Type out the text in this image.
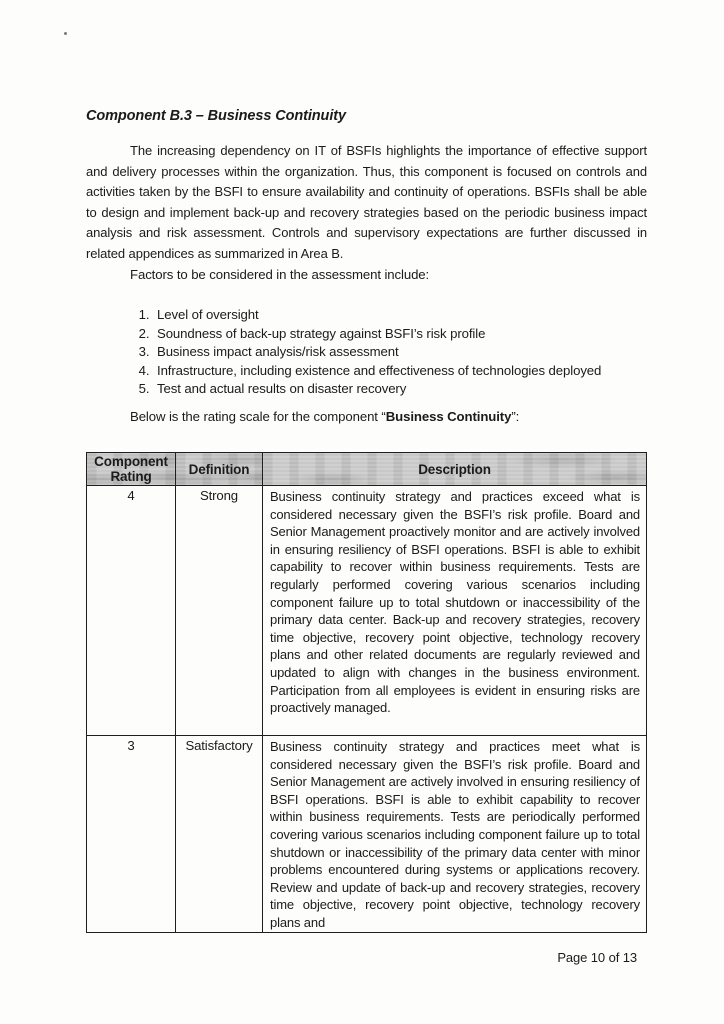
Component B.3 – Business Continuity

The increasing dependency on IT of BSFIs highlights the importance of effective support and delivery processes within the organization. Thus, this component is focused on controls and activities taken by the BSFI to ensure availability and continuity of operations. BSFIs shall be able to design and implement back-up and recovery strategies based on the periodic business impact analysis and risk assessment. Controls and supervisory expectations are further discussed in related appendices as summarized in Area B.

Factors to be considered in the assessment include:

1. Level of oversight
2. Soundness of back-up strategy against BSFI’s risk profile
3. Business impact analysis/risk assessment
4. Infrastructure, including existence and effectiveness of technologies deployed
5. Test and actual results on disaster recovery

Below is the rating scale for the component “Business Continuity”:

Component Rating	Definition	Description
4	Strong	Business continuity strategy and practices exceed what is considered necessary given the BSFI’s risk profile. Board and Senior Management proactively monitor and are actively involved in ensuring resiliency of BSFI operations. BSFI is able to exhibit capability to recover within business requirements. Tests are regularly performed covering various scenarios including component failure up to total shutdown or inaccessibility of the primary data center. Back-up and recovery strategies, recovery time objective, recovery point objective, technology recovery plans and other related documents are regularly reviewed and updated to align with changes in the business environment. Participation from all employees is evident in ensuring risks are proactively managed.

3	Satisfactory	Business continuity strategy and practices meet what is considered necessary given the BSFI’s risk profile. Board and Senior Management are actively involved in ensuring resiliency of BSFI operations. BSFI is able to exhibit capability to recover within business requirements. Tests are periodically performed covering various scenarios including component failure up to total shutdown or inaccessibility of the primary data center with minor problems encountered during systems or applications recovery. Review and update of back-up and recovery strategies, recovery time objective, recovery point objective, technology recovery plans and
Page 10 of 13
